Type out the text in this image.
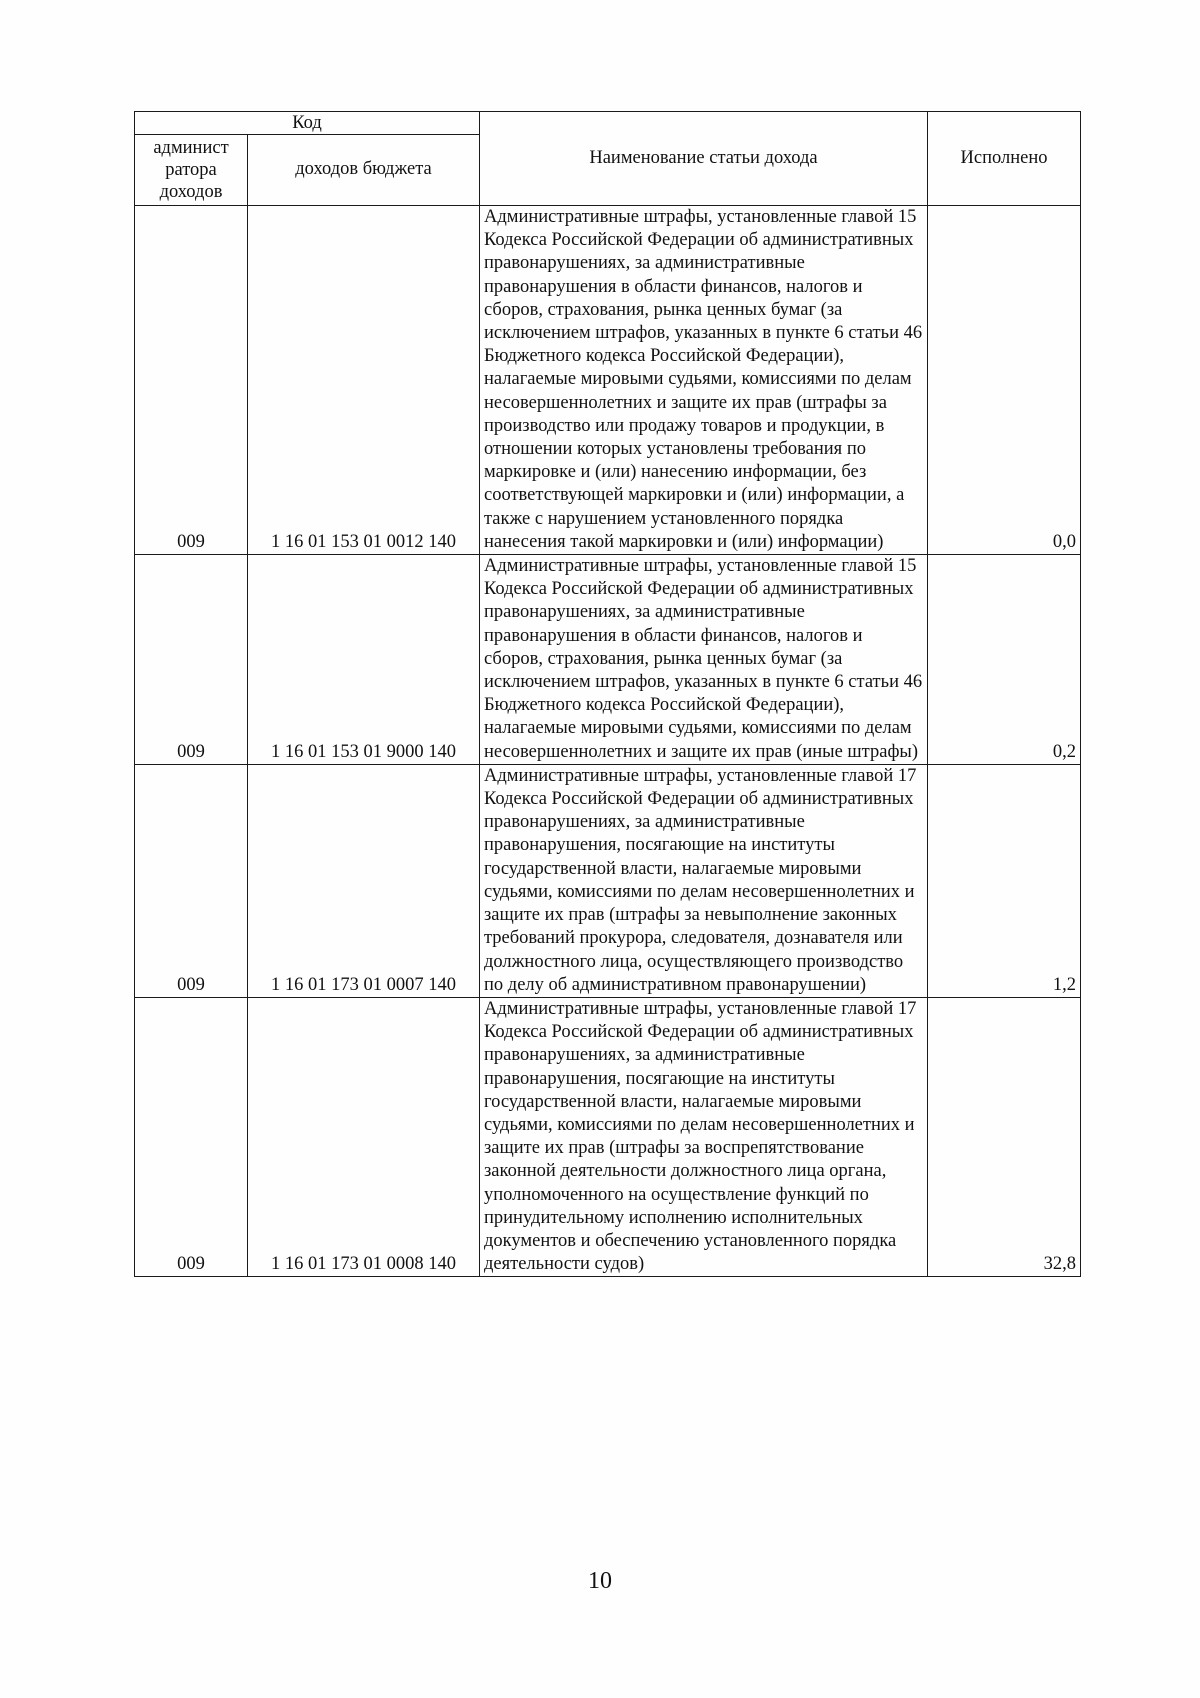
Код		Наименование статьи дохода	Исполнено
админист ратора доходов	доходов бюджета		
009	1 16 01 153 01 0012 140	Административные штрафы, установленные главой 15 Кодекса Российской Федерации об административных правонарушениях, за административные правонарушения в области финансов, налогов и сборов, страхования, рынка ценных бумаг (за исключением штрафов, указанных в пункте 6 статьи 46 Бюджетного кодекса Российской Федерации), налагаемые мировыми судьями, комиссиями по делам несовершеннолетних и защите их прав (штрафы за производство или продажу товаров и продукции, в отношении которых установлены требования по маркировке и (или) нанесению информации, без соответствующей маркировки и (или) информации, а также с нарушением установленного порядка нанесения такой маркировки и (или) информации)	0,0
009	1 16 01 153 01 9000 140	Административные штрафы, установленные главой 15 Кодекса Российской Федерации об административных правонарушениях, за административные правонарушения в области финансов, налогов и сборов, страхования, рынка ценных бумаг (за исключением штрафов, указанных в пункте 6 статьи 46 Бюджетного кодекса Российской Федерации), налагаемые мировыми судьями, комиссиями по делам несовершеннолетних и защите их прав (иные штрафы)	0,2
009	1 16 01 173 01 0007 140	Административные штрафы, установленные главой 17 Кодекса Российской Федерации об административных правонарушениях, за административные правонарушения, посягающие на институты государственной власти, налагаемые мировыми судьями, комиссиями по делам несовершеннолетних и защите их прав (штрафы за невыполнение законных требований прокурора, следователя, дознавателя или должностного лица, осуществляющего производство по делу об административном правонарушении)	1,2
009	1 16 01 173 01 0008 140	Административные штрафы, установленные главой 17 Кодекса Российской Федерации об административных правонарушениях, за административные правонарушения, посягающие на институты государственной власти, налагаемые мировыми судьями, комиссиями по делам несовершеннолетних и защите их прав (штрафы за воспрепятствование законной деятельности должностного лица органа, уполномоченного на осуществление функций по принудительному исполнению исполнительных документов и обеспечению установленного порядка деятельности судов)	32,8
10
